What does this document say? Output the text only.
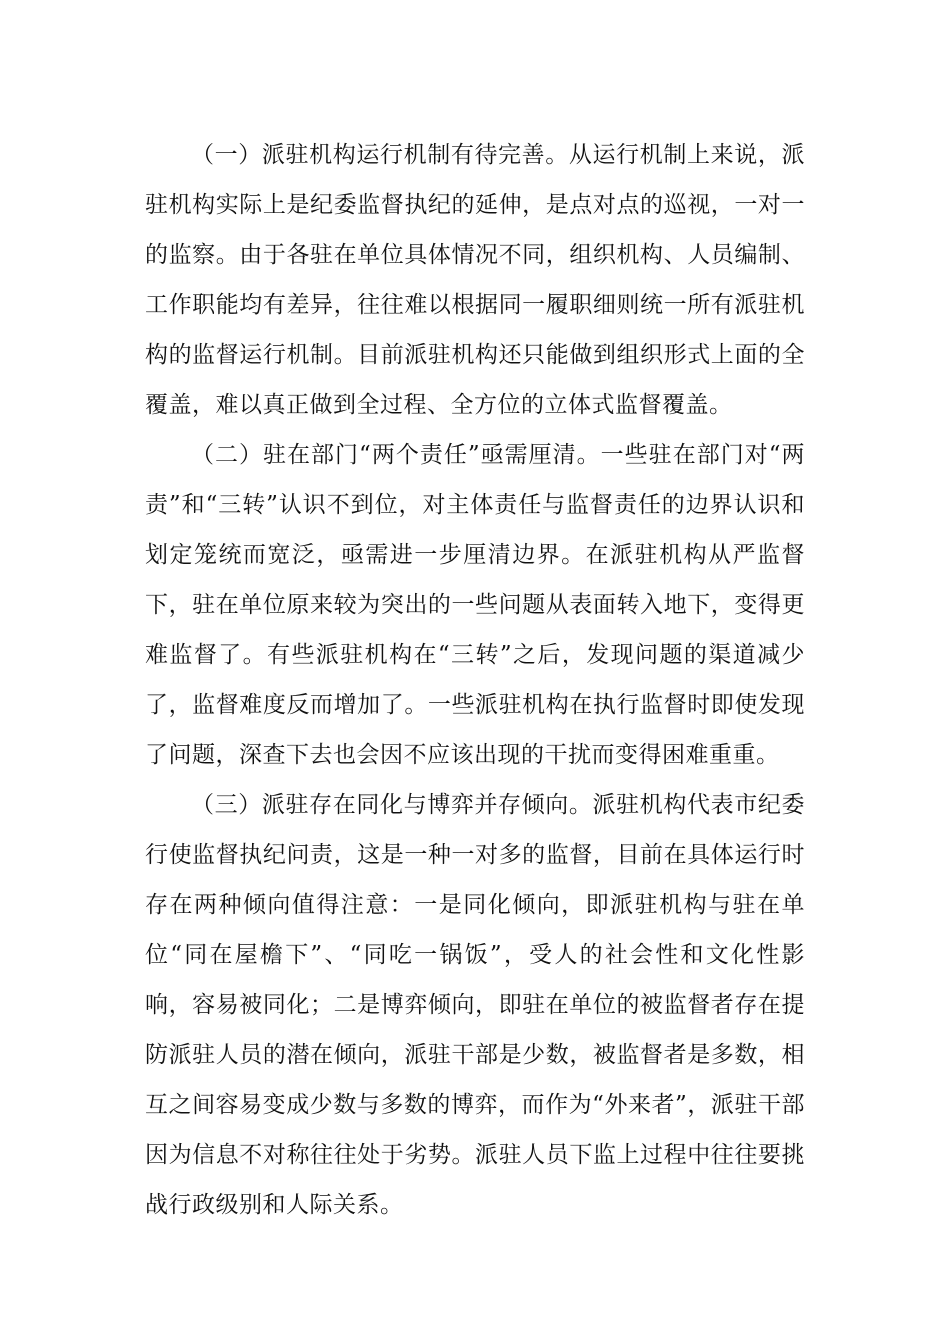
（一）派驻机构运行机制有待完善。从运行机制上来说，派驻机构实际上是纪委监督执纪的延伸，是点对点的巡视，一对一的监察。由于各驻在单位具体情况不同，组织机构、人员编制、工作职能均有差异，往往难以根据同一履职细则统一所有派驻机构的监督运行机制。目前派驻机构还只能做到组织形式上面的全覆盖，难以真正做到全过程、全方位的立体式监督覆盖。

（二）驻在部门“两个责任”亟需厘清。一些驻在部门对“两责”和“三转”认识不到位，对主体责任与监督责任的边界认识和划定笼统而宽泛，亟需进一步厘清边界。在派驻机构从严监督下，驻在单位原来较为突出的一些问题从表面转入地下，变得更难监督了。有些派驻机构在“三转”之后，发现问题的渠道减少了，监督难度反而增加了。一些派驻机构在执行监督时即使发现了问题，深查下去也会因不应该出现的干扰而变得困难重重。

（三）派驻存在同化与博弈并存倾向。派驻机构代表市纪委行使监督执纪问责，这是一种一对多的监督，目前在具体运行时存在两种倾向值得注意：一是同化倾向，即派驻机构与驻在单位“同在屋檐下”、“同吃一锅饭”，受人的社会性和文化性影响，容易被同化；二是博弈倾向，即驻在单位的被监督者存在提防派驻人员的潜在倾向，派驻干部是少数，被监督者是多数，相互之间容易变成少数与多数的博弈，而作为“外来者”，派驻干部因为信息不对称往往处于劣势。派驻人员下监上过程中往往要挑战行政级别和人际关系。
